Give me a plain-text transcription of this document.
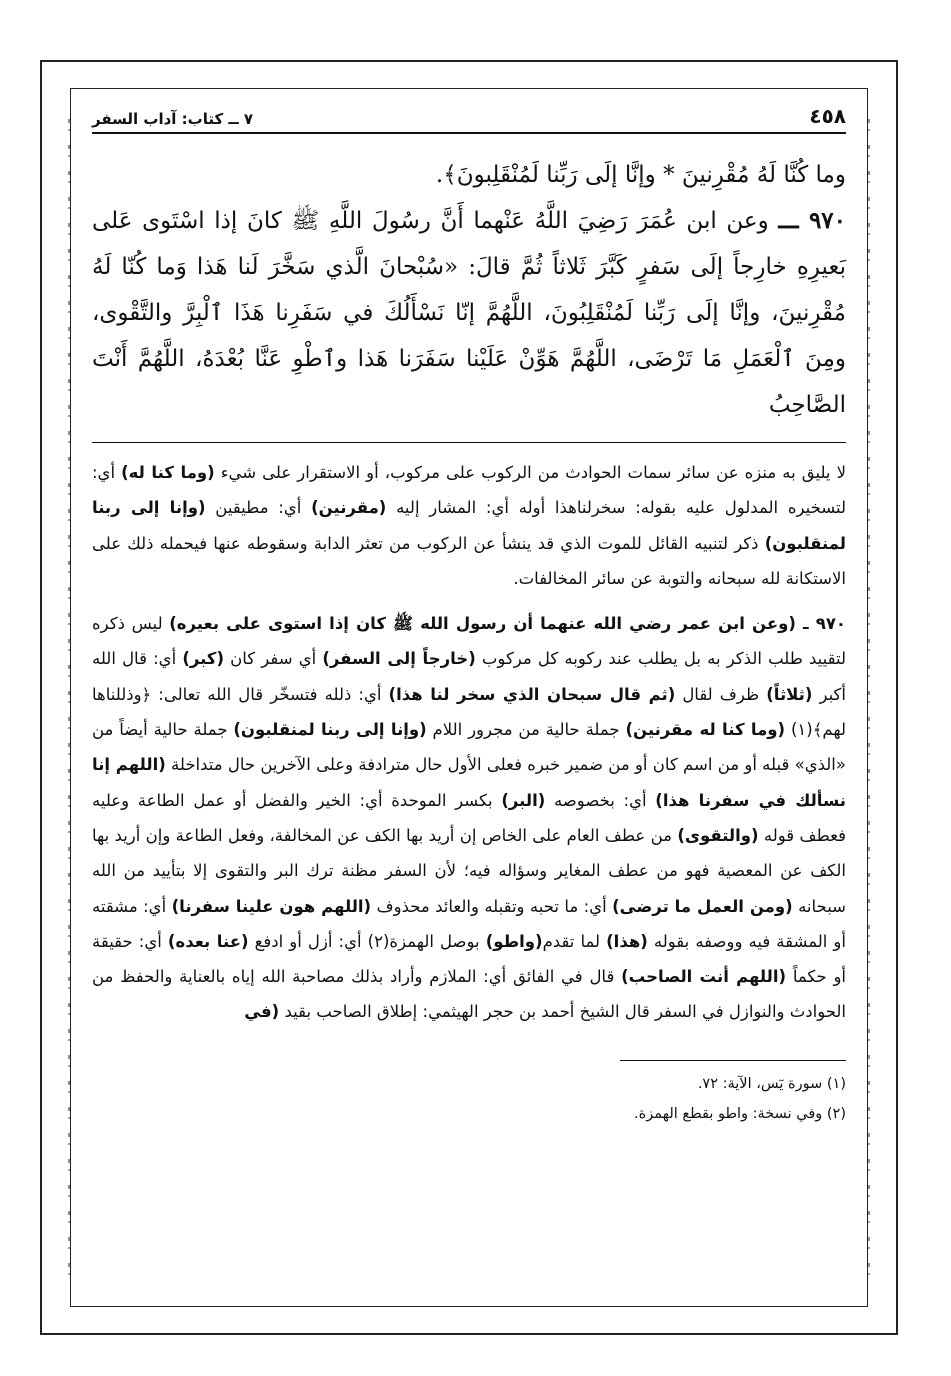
٤٥٨
٧ ــ كتاب: آداب السفر

وما كُنَّا لَهُ مُقْرِنينَ * وإنَّا إلَى رَبِّنا لَمُنْقَلِبونَ﴾.

٩٧٠ ـــ وعن ابن عُمَرَ رَضِيَ اللَّهُ عَنْهما أَنَّ رسُولَ اللَّهِ ﷺ كانَ إذا اسْتَوى عَلى بَعيرِهِ خارِجاً إلَى سَفرٍ كَبَّرَ ثَلاثاً ثُمَّ قالَ: «سُبْحانَ الَّذي سَخَّرَ لَنا هَذا وَما كُنّا لَهُ مُقْرِنينَ، وإنَّا إلَى رَبِّنا لَمُنْقَلِبُونَ، اللَّهُمَّ إنّا نَسْأَلُكَ في سَفَرِنا هَذَا ٱلْبِرَّ والتَّقْوى، ومِنَ ٱلْعَمَلِ مَا تَرْضَى، اللَّهُمَّ هَوِّنْ عَلَيْنا سَفَرَنا هَذا وٱطْوِ عَنَّا بُعْدَهُ، اللَّهُمَّ أَنْتَ الصَّاحِبُ

لا يليق به منزه عن سائر سمات الحوادث من الركوب على مركوب، أو الاستقرار على شيء (وما كنا له) أي: لتسخيره المدلول عليه بقوله: سخرلناهذا أوله أي: المشار إليه (مقرنين) أي: مطيقين (وإنا إلى ربنا لمنقلبون) ذكر لتنبيه القائل للموت الذي قد ينشأ عن الركوب من تعثر الدابة وسقوطه عنها فيحمله ذلك على الاستكانة لله سبحانه والتوبة عن سائر المخالفات.

٩٧٠ ـ (وعن ابن عمر رضي الله عنهما أن رسول الله ﷺ كان إذا استوى على بعيره) ليس ذكره لتقييد طلب الذكر به بل يطلب عند ركوبه كل مركوب (خارجاً إلى السفر) أي سفر كان (كبر) أي: قال الله أكبر (ثلاثاً) ظرف لقال (ثم قال سبحان الذي سخر لنا هذا) أي: ذلله فتسخّر قال الله تعالى: ﴿وذللناها لهم﴾(١) (وما كنا له مقرنين) جملة حالية من مجرور اللام (وإنا إلى ربنا لمنقلبون) جملة حالية أيضاً من «الذي» قبله أو من اسم كان أو من ضمير خبره فعلى الأول حال مترادفة وعلى الآخرين حال متداخلة (اللهم إنا نسألك في سفرنا هذا) أي: بخصوصه (البر) بكسر الموحدة أي: الخير والفضل أو عمل الطاعة وعليه فعطف قوله (والتقوى) من عطف العام على الخاص إن أريد بها الكف عن المخالفة، وفعل الطاعة وإن أريد بها الكف عن المعصية فهو من عطف المغاير وسؤاله فيه؛ لأن السفر مظنة ترك البر والتقوى إلا بتأييد من الله سبحانه (ومن العمل ما ترضى) أي: ما تحبه وتقبله والعائد محذوف (اللهم هون علينا سفرنا) أي: مشقته أو المشقة فيه ووصفه بقوله (هذا) لما تقدم(واطو) بوصل الهمزة(٢) أي: أزل أو ادفع (عنا بعده) أي: حقيقة أو حكماً (اللهم أنت الصاحب) قال في الفائق أي: الملازم وأراد بذلك مصاحبة الله إياه بالعناية والحفظ من الحوادث والنوازل في السفر قال الشيخ أحمد بن حجر الهيثمي: إطلاق الصاحب بقيد (في

(١) سورة يٓس، الآية: ٧٢.

(٢) وفي نسخة: واطو بقطع الهمزة.
